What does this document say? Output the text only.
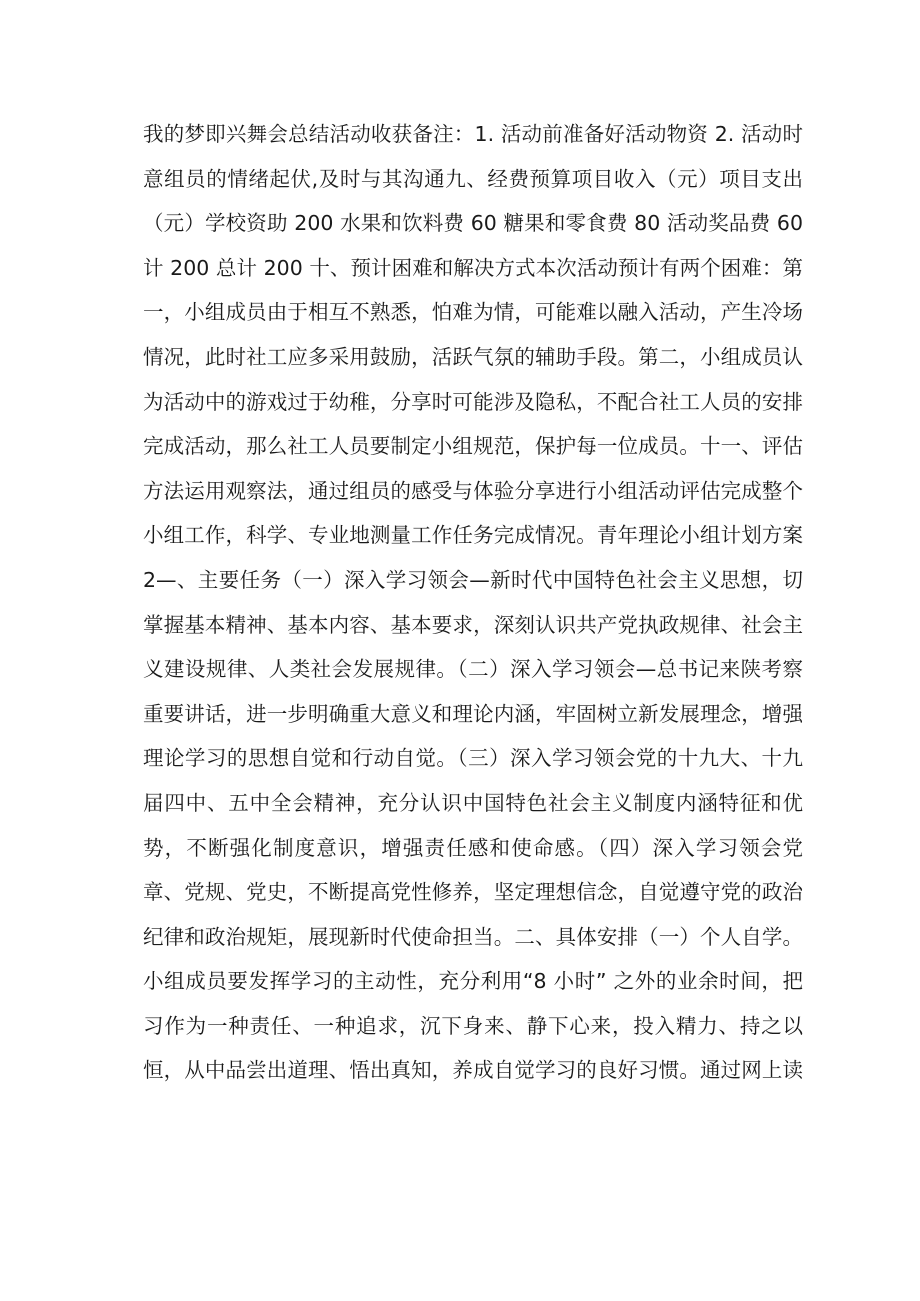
我的梦即兴舞会总结活动收获备注：1. 活动前准备好活动物资 2. 活动时
意组员的情绪起伏,及时与其沟通九、经费预算项目收入（元）项目支出
（元）学校资助 200 水果和饮料费 60 糖果和零食费 80 活动奖品费 60
计 200 总计 200 十、预计困难和解决方式本次活动预计有两个困难：第
一，小组成员由于相互不熟悉，怕难为情，可能难以融入活动，产生冷场
情况，此时社工应多采用鼓励，活跃气氛的辅助手段。第二，小组成员认
为活动中的游戏过于幼稚，分享时可能涉及隐私，不配合社工人员的安排
完成活动，那么社工人员要制定小组规范，保护每一位成员。十一、评估
方法运用观察法，通过组员的感受与体验分享进行小组活动评估完成整个
小组工作，科学、专业地测量工作任务完成情况。青年理论小组计划方案
2—、主要任务（一）深入学习领会—新时代中国特色社会主义思想，切
掌握基本精神、基本内容、基本要求，深刻认识共产党执政规律、社会主
义建设规律、人类社会发展规律。（二）深入学习领会—总书记来陕考察
重要讲话，进一步明确重大意义和理论内涵，牢固树立新发展理念，增强
理论学习的思想自觉和行动自觉。（三）深入学习领会党的十九大、十九
届四中、五中全会精神，充分认识中国特色社会主义制度内涵特征和优
势，不断强化制度意识，增强责任感和使命感。（四）深入学习领会党
章、党规、党史，不断提高党性修养，坚定理想信念，自觉遵守党的政治
纪律和政治规矩，展现新时代使命担当。二、具体安排（一）个人自学。
小组成员要发挥学习的主动性，充分利用“8 小时” 之外的业余时间，把
习作为一种责任、一种追求，沉下身来、静下心来，投入精力、持之以
恒，从中品尝出道理、悟出真知，养成自觉学习的良好习惯。通过网上读
